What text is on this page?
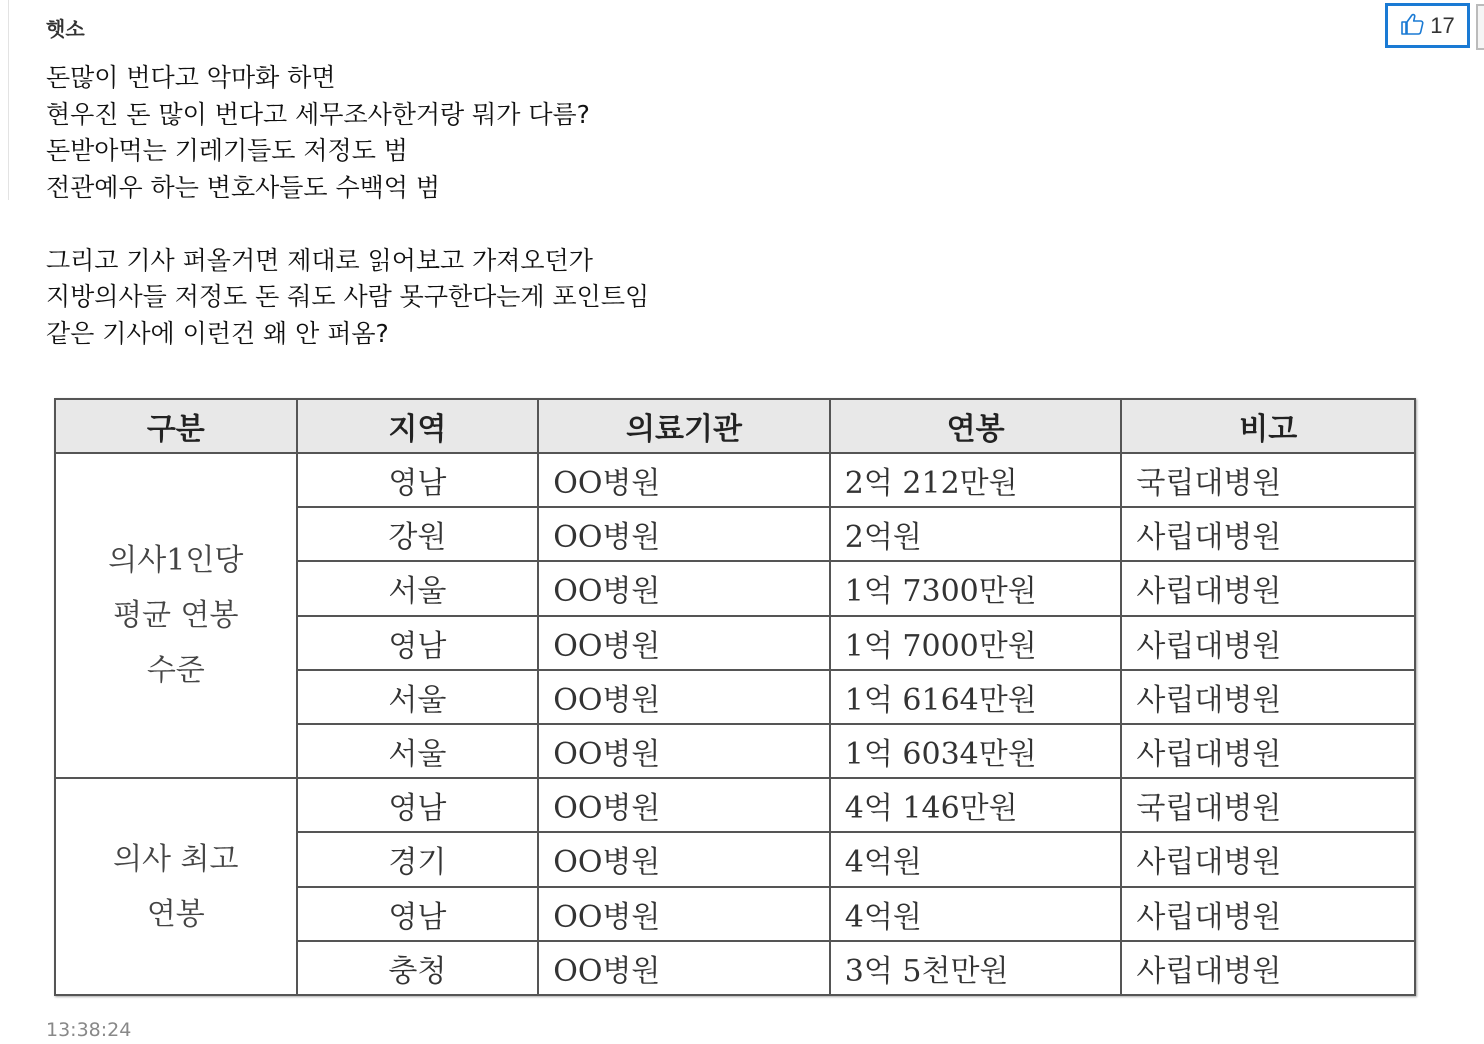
햇소	17
돈많이 번다고 악마화 하면
현우진 돈 많이 번다고 세무조사한거랑 뭐가 다름?
돈받아먹는 기레기들도 저정도 범
전관예우 하는 변호사들도 수백억 범
그리고 기사 퍼올거면 제대로 읽어보고 가져오던가
지방의사들 저정도 돈 줘도 사람 못구한다는게 포인트임
같은 기사에 이런건 왜 안 퍼옴?
구분	지역	의료기관	연봉	비고

의사1인당
평균 연봉
수준	영남	OO병원	2억 212만원	국립대병원
	강원	OO병원	2억원	사립대병원
	서울	OO병원	1억 7300만원	사립대병원
	영남	OO병원	1억 7000만원	사립대병원
	서울	OO병원	1억 6164만원	사립대병원
	서울	OO병원	1억 6034만원	사립대병원

의사 최고
연봉	영남	OO병원	4억 146만원	국립대병원
	경기	OO병원	4억원	사립대병원
	영남	OO병원	4억원	사립대병원
	충청	OO병원	3억 5천만원	사립대병원
13:38:24
